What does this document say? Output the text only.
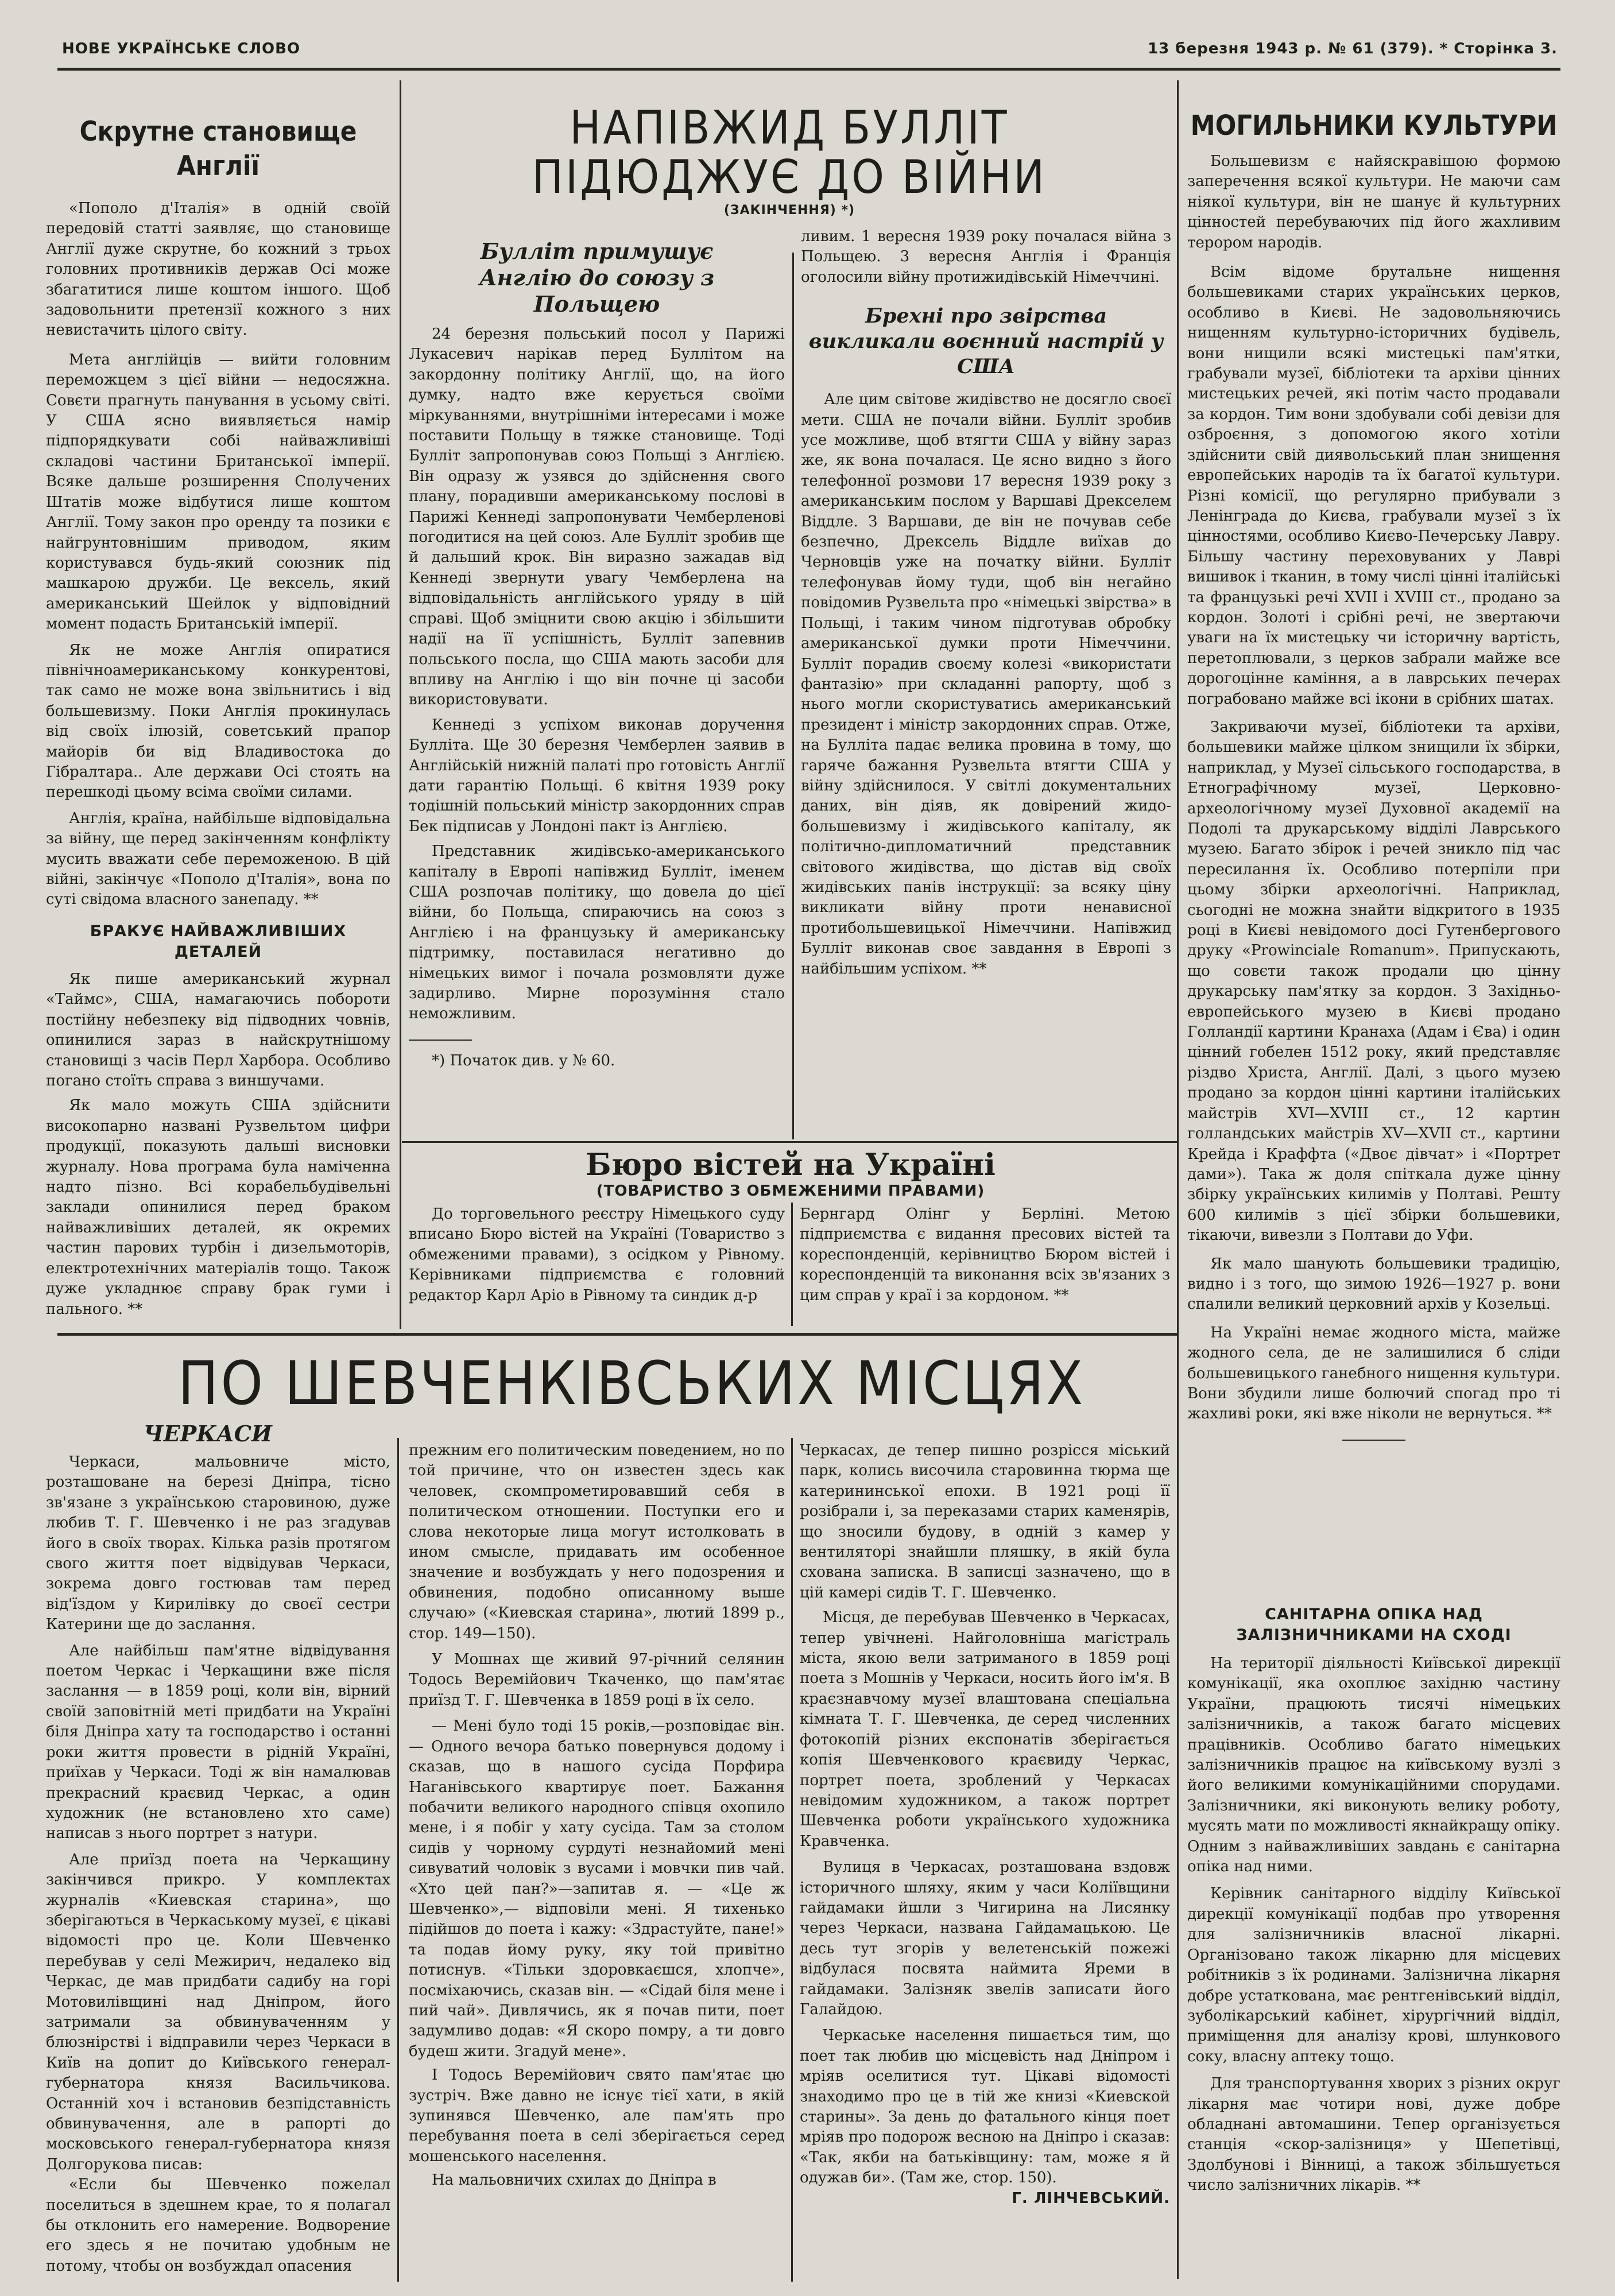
НОВЕ УКРАЇНСЬКЕ СЛОВО	13 березня 1943 р. № 61 (379). * Сторінка 3.
Скрутне становище Англії

«Пополо д'Італія» в одній своїй передовій статті заявляє, що становище Англії дуже скрутне, бо кожний з трьох головних противників держав Осі може збагатитися лише коштом іншого. Щоб задовольнити претензії кожного з них невистачить цілого світу.

Мета англійців — вийти головним переможцем з цієї війни — недосяжна. Совєти прагнуть панування в усьому світі. У США ясно виявляється намір підпорядкувати собі найважливіші складові частини Британської імперії. Всяке дальше розширення Сполучених Штатів може відбутися лише коштом Англії. Тому закон про оренду та позики є найгрунтовнішим приводом, яким користувався будь-який союзник під машкарою дружби. Це вексель, який американський Шейлок у відповідний момент подасть Британській імперії.

Як не може Англія опиратися північноамериканському конкурентові, так само не може вона звільнитись і від большевизму. Поки Англія прокинулась від своїх ілюзій, советський прапор майорів би від Владивостока до Гібралтара.. Але держави Осі стоять на перешкоді цьому всіма своїми силами.

Англія, країна, найбільше відповідальна за війну, ще перед закінченням конфлікту мусить вважати себе переможеною. В цій війні, закінчує «Пополо д'Італія», вона по суті свідома власного занепаду. **

БРАКУЄ НАЙВАЖЛИВІШИХ ДЕТАЛЕЙ

Як пише американський журнал «Таймс», США, намагаючись побороти постійну небезпеку від підводних човнів, опинилися зараз в найскрутнішому становищі з часів Перл Харбора. Особливо погано стоїть справа з виншучами.

Як мало можуть США здійснити високопарно названі Рузвельтом цифри продукції, показують дальші висновки журналу. Нова програма була наміченна надто пізно. Всі корабельбудівельні заклади опинилися перед браком найважливіших деталей, як окремих частин парових турбін і дизельмоторів, електротехнічних матеріалів тощо. Також дуже укладнює справу брак гуми і пального. **

НАПІВЖИД БУЛЛІТ
ПІДЮДЖУЄ ДО ВІЙНИ
(ЗАКІНЧЕННЯ) *)
Булліт примушує Англію до союзу з Польщею

24 березня польський посол у Парижі Лукасевич нарікав перед Буллітом на закордонну політику Англії, що, на його думку, надто вже керується своїми міркуваннями, внутрішніми інтересами і може поставити Польщу в тяжке становище. Тоді Булліт запропонував союз Польщі з Англією. Він одразу ж узявся до здійснення свого плану, порадивши американському послові в Парижі Кеннеді запропонувати Чемберленові погодитися на цей союз. Але Булліт зробив ще й дальший крок. Він виразно зажадав від Кеннеді звернути увагу Чемберлена на відповідальність англійського уряду в цій справі. Щоб зміцнити свою акцію і збільшити надії на її успішність, Булліт запевнив польського посла, що США мають засоби для впливу на Англію і що він почне ці засоби використовувати.

Кеннеді з успіхом виконав доручення Булліта. Ще 30 березня Чемберлен заявив в Англійській нижній палаті про готовість Англії дати гарантію Польщі. 6 квітня 1939 року тодішній польський міністр закордонних справ Бек підписав у Лондоні пакт із Англією.

Представник жидівсько-американського капіталу в Европі напівжид Булліт, іменем США розпочав політику, що довела до цієї війни, бо Польща, спираючись на союз з Англією і на французьку й американську підтримку, поставилася негативно до німецьких вимог і почала розмовляти дуже задирливо. Мирне порозуміння стало неможливим.

*) Початок див. у № 60.
ливим. 1 вересня 1939 року почалася війна з Польщею. 3 вересня Англія і Франція оголосили війну протижидівській Німеччині.
Брехні про звірства викликали воєнний настрій у США

Але цим світове жидівство не досягло своєї мети. США не почали війни. Булліт зробив усе можливе, щоб втягти США у війну зараз же, як вона почалася. Це ясно видно з його телефонної розмови 17 вересня 1939 року з американським послом у Варшаві Дрекселем Віддле. З Варшави, де він не почував себе безпечно, Дрексель Віддле виїхав до Черновців уже на початку війни. Булліт телефонував йому туди, щоб він негайно повідомив Рузвельта про «німецькі звірства» в Польщі, і таким чином підготував обробку американської думки проти Німеччини. Булліт порадив своєму колезі «використати фантазію» при складанні рапорту, щоб з нього могли скористуватись американський президент і міністр закордонних справ. Отже, на Булліта падає велика провина в тому, що гаряче бажання Рузвельта втягти США у війну здійснилося. У світлі документальних даних, він діяв, як довірений жидо-большевизму і жидівського капіталу, як політично-дипломатичний представник світового жидівства, що дістав від своїх жидівських панів інструкції: за всяку ціну викликати війну проти ненависної протибольшевицької Німеччини. Напівжид Булліт виконав своє завдання в Европі з найбільшим успіхом. **

Бюро вістей на Україні
(ТОВАРИСТВО З ОБМЕЖЕНИМИ ПРАВАМИ)

До торговельного реєстру Німецького суду вписано Бюро вістей на Україні (Товариство з обмеженими правами), з осідком у Рівному. Керівниками підприємства є головний редактор Карл Аріо в Рівному та синдик д-р

Бернгард Олінг у Берліні. Метою підприємства є видання пресових вістей та кореспонденцій, керівництво Бюром вістей і кореспонденцій та виконання всіх зв'язаних з цим справ у краї і за кордоном. **
МОГИЛЬНИКИ КУЛЬТУРИ

Большевизм є найяскравішою формою заперечення всякої культури. Не маючи сам ніякої культури, він не шанує й культурних цінностей перебуваючих під його жахливим терором народів.

Всім відоме брутальне нищення большевиками старих українських церков, особливо в Києві. Не задовольняючись нищенням культурно-історичних будівель, вони нищили всякі мистецькі пам'ятки, грабували музеї, бібліотеки та архіви цінних мистецьких речей, які потім часто продавали за кордон. Тим вони здобували собі девізи для озброєння, з допомогою якого хотіли здійснити свій диявольський план знищення европейських народів та їх багатої культури. Різні комісії, що регулярно прибували з Ленінграда до Києва, грабували музеї з їх цінностями, особливо Києво-Печерську Лавру. Більшу частину переховуваних у Лаврі вишивок і тканин, в тому числі цінні італійські та французькі речі XVII і XVIII ст., продано за кордон. Золоті і срібні речі, не звертаючи уваги на їх мистецьку чи історичну вартість, перетоплювали, з церков забрали майже все дорогоцінне каміння, а в лаврських печерах пограбовано майже всі ікони в срібних шатах.

Закриваючи музеї, бібліотеки та архіви, большевики майже цілком знищили їх збірки, наприклад, у Музеї сільського господарства, в Етнографічному музеї, Церковно-археологічному музеї Духовної академії на Подолі та друкарському відділі Лаврського музею. Багато збірок і речей зникло під час пересилання їх. Особливо потерпіли при цьому збірки археологічні. Наприклад, сьогодні не можна знайти відкритого в 1935 році в Києві невідомого досі Гутенбергового друку «Prowinciale Romanum». Припускають, що совєти також продали цю цінну друкарську пам'ятку за кордон. З Західньо-европейського музею в Києві продано Голландії картини Кранаха (Адам і Єва) і один цінний гобелен 1512 року, який представляє різдво Христа, Англії. Далі, з цього музею продано за кордон цінні картини італійських майстрів XVI—XVIII ст., 12 картин голландських майстрів XV—XVII ст., картини Крейда і Краффта («Двоє дівчат» і «Портрет дами»). Така ж доля спіткала дуже цінну збірку українських килимів у Полтаві. Решту 600 килимів з цієї збірки большевики, тікаючи, вивезли з Полтави до Уфи.

Як мало шанують большевики традицію, видно і з того, що зимою 1926—1927 р. вони спалили великий церковний архів у Козельці.

На Україні немає жодного міста, майже жодного села, де не залишилися б сліди большевицького ганебного нищення культури. Вони збудили лише болючий спогад про ті жахливі роки, які вже ніколи не вернуться. **

САНІТАРНА ОПІКА НАД ЗАЛІЗНИЧНИКАМИ НА СХОДІ

На території діяльності Київської дирекції комунікації, яка охоплює західню частину України, працюють тисячі німецьких залізничників, а також багато місцевих працівників. Особливо багато німецьких залізничників працює на київському вузлі з його великими комунікаційними спорудами. Залізничники, які виконують велику роботу, мусять мати по можливості якнайкращу опіку. Одним з найважливіших завдань є санітарна опіка над ними.

Керівник санітарного відділу Київської дирекції комунікації подбав про утворення для залізничників власної лікарні. Організовано також лікарню для місцевих робітників з їх родинами. Залізнична лікарня добре устаткована, має рентгенівський відділ, зуболікарський кабінет, хірургічний відділ, приміщення для аналізу крові, шлункового соку, власну аптеку тощо.

Для транспортування хворих з різних округ лікарня має чотири нові, дуже добре обладнані автомашини. Тепер організується станція «скор-залізниця» у Шепетівці, Здолбунові і Вінниці, а також збільшується число залізничних лікарів. **

ПО ШЕВЧЕНКІВСЬКИХ МІСЦЯХ
ЧЕРКАСИ

Черкаси, мальовниче місто, розташоване на березі Дніпра, тісно зв'язане з українською старовиною, дуже любив Т. Г. Шевченко і не раз згадував його в своїх творах. Кілька разів протягом свого життя поет відвідував Черкаси, зокрема довго гостював там перед від'їздом у Кирилівку до своєї сестри Катерини ще до заслання.

Але найбільш пам'ятне відвідування поетом Черкас і Черкащини вже після заслання — в 1859 році, коли він, вірний своїй заповітній меті придбати на Україні біля Дніпра хату та господарство і останні роки життя провести в рідній Україні, приїхав у Черкаси. Тоді ж він намалював прекрасний краєвид Черкас, а один художник (не встановлено хто саме) написав з нього портрет з натури.

Але приїзд поета на Черкащину закінчився прикро. У комплектах журналів «Киевская старина», що зберігаються в Черкаському музеї, є цікаві відомості про це. Коли Шевченко перебував у селі Межирич, недалеко від Черкас, де мав придбати садибу на горі Мотовилівщині над Дніпром, його затримали за обвинуваченням у блюзнірстві і відправили через Черкаси в Київ на допит до Київського генерал-губернатора князя Васильчикова. Останній хоч і встановив безпідставність обвинувачення, але в рапорті до московського генерал-губернатора князя Долгорукова писав:

«Если бы Шевченко пожелал поселиться в здешнем крае, то я полагал бы отклонить его намерение. Водворение его здесь я не почитаю удобным не потому, чтобы он возбуждал опасения

прежним его политическим поведением, но по той причине, что он известен здесь как человек, скомпрометировавший себя в политическом отношении. Поступки его и слова некоторые лица могут истолковать в ином смысле, придавать им особенное значение и возбуждать у него подозрения и обвинения, подобно описанному выше случаю» («Киевская старина», лютий 1899 р., стор. 149—150).

У Мошнах ще живий 97-річний селянин Тодось Веремійович Ткаченко, що пам'ятає приїзд Т. Г. Шевченка в 1859 році в їх село.

— Мені було тоді 15 років,—розповідає він. — Одного вечора батько повернувся додому і сказав, що в нашого сусіда Порфира Наганівського квартирує поет. Бажання побачити великого народного співця охопило мене, і я побіг у хату сусіда. Там за столом сидів у чорному сурдуті незнайомий мені сивуватий чоловік з вусами і мовчки пив чай. «Хто цей пан?»—запитав я. — «Це ж Шевченко»,— відповіли мені. Я тихенько підійшов до поета і кажу: «Здрастуйте, пане!» та подав йому руку, яку той привітно потиснув. «Тільки здоровкаєшся, хлопче», посміхаючись, сказав він. — «Сідай біля мене і пий чай». Дивлячись, як я почав пити, поет задумливо додав: «Я скоро помру, а ти довго будеш жити. Згадуй мене».

І Тодось Веремійович свято пам'ятає цю зустріч. Вже давно не існує тієї хати, в якій зупинявся Шевченко, але пам'ять про перебування поета в селі зберігається серед мошенського населення.

На мальовничих схилах до Дніпра в

Черкасах, де тепер пишно розрісся міський парк, колись височила старовинна тюрма ще катерининської епохи. В 1921 році її розібрали і, за переказами старих каменярів, що зносили будову, в одній з камер у вентиляторі знайшли пляшку, в якій була схована записка. В записці зазначено, що в цій камері сидів Т. Г. Шевченко.

Місця, де перебував Шевченко в Черкасах, тепер увічнені. Найголовніша магістраль міста, якою вели затриманого в 1859 році поета з Мошнів у Черкаси, носить його ім'я. В краєзнавчому музеї влаштована спеціальна кімната Т. Г. Шевченка, де серед численних фотокопій різних експонатів зберігається копія Шевченкового краєвиду Черкас, портрет поета, зроблений у Черкасах невідомим художником, а також портрет Шевченка роботи українського художника Кравченка.

Вулиця в Черкасах, розташована вздовж історичного шляху, яким у часи Коліївщини гайдамаки йшли з Чигирина на Лисянку через Черкаси, названа Гайдамацькою. Це десь тут згорів у велетенській пожежі відбулася посвята наймита Яреми в гайдамаки. Залізняк звелів записати його Галайдою.

Черкаське населення пишається тим, що поет так любив цю місцевість над Дніпром і мріяв оселитися тут. Цікаві відомості знаходимо про це в тій же книзі «Киевской старины». За день до фатального кінця поет мріяв про подорож весною на Дніпро і сказав: «Так, якби на батьківщину: там, може я й одужав би». (Там же, стор. 150).

Г. ЛІНЧЕВСЬКИЙ.
